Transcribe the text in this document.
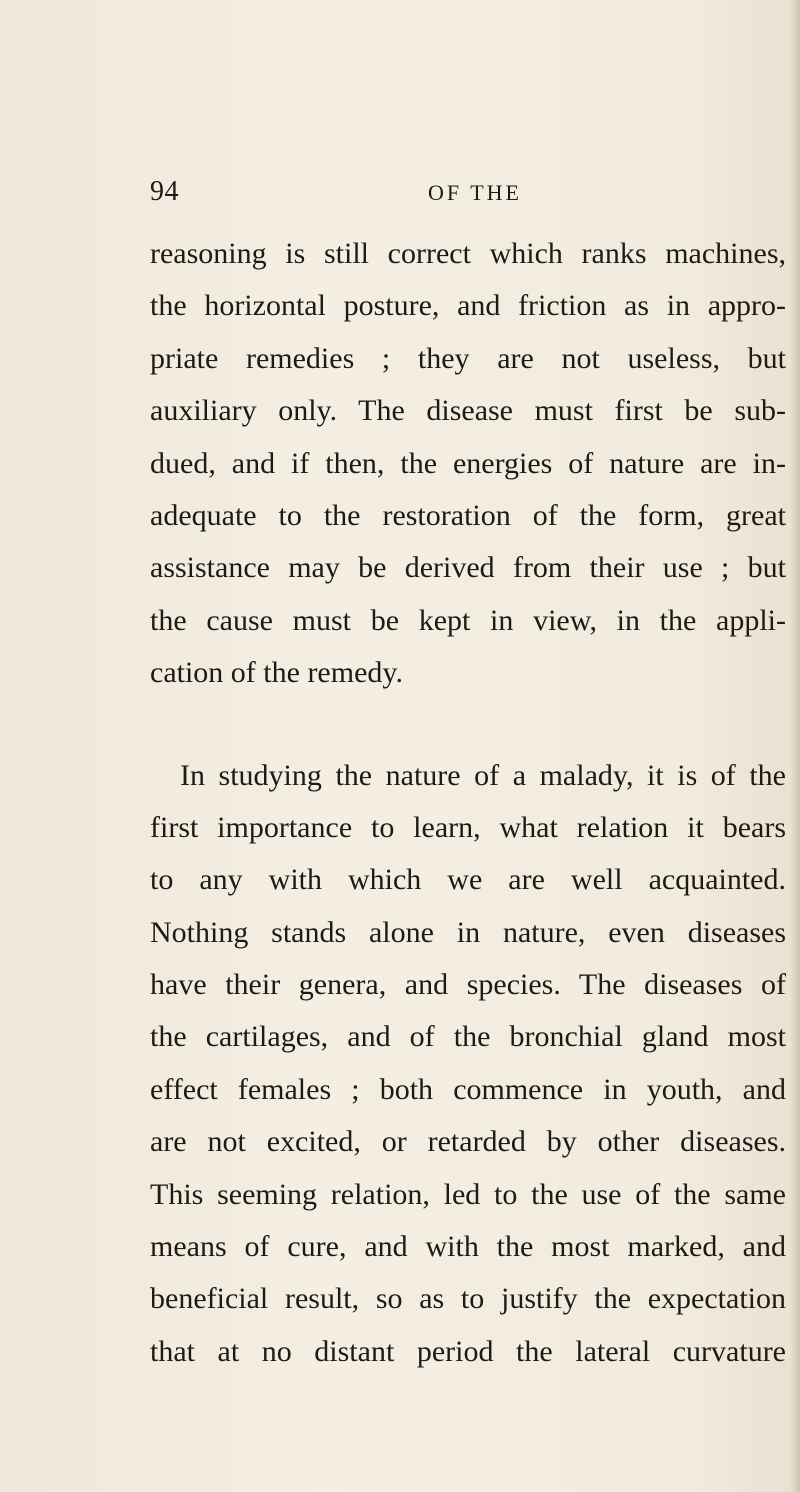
94	OF THE
reasoning is still correct which ranks machines,
the horizontal posture, and friction as in appro-
priate remedies ; they are not useless, but
auxiliary only. The disease must first be sub-
dued, and if then, the energies of nature are in-
adequate to the restoration of the form, great
assistance may be derived from their use ; but
the cause must be kept in view, in the appli-
cation of the remedy.
In studying the nature of a malady, it is of the
first importance to learn, what relation it bears
to any with which we are well acquainted.
Nothing stands alone in nature, even diseases
have their genera, and species. The diseases of
the cartilages, and of the bronchial gland most
effect females ; both commence in youth, and
are not excited, or retarded by other diseases.
This seeming relation, led to the use of the same
means of cure, and with the most marked, and
beneficial result, so as to justify the expectation
that at no distant period the lateral curvature
